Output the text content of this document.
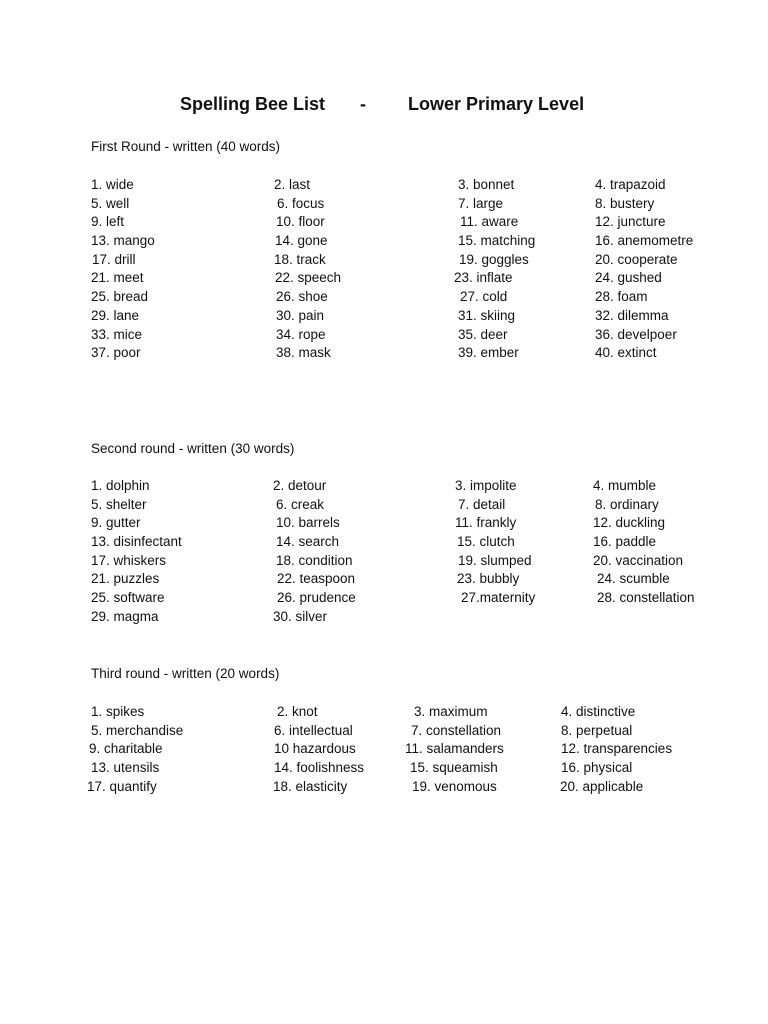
Spelling Bee List - Lower Primary Level
First Round - written (40 words)
1. wide	2. last	3. bonnet	4. trapazoid
5. well	6. focus	7. large	8. bustery
9. left	10. floor	11. aware	12. juncture
13. mango	14. gone	15. matching	16. anemometre
17. drill	18. track	19. goggles	20. cooperate
21. meet	22. speech	23. inflate	24. gushed
25. bread	26. shoe	27. cold	28. foam
29. lane	30. pain	31. skiing	32. dilemma
33. mice	34. rope	35. deer	36. develpoer
37. poor	38. mask	39. ember	40. extinct
Second round - written (30 words)
1. dolphin	2. detour	3. impolite	4. mumble
5. shelter	6. creak	7. detail	8. ordinary
9. gutter	10. barrels	11. frankly	12. duckling
13. disinfectant	14. search	15. clutch	16. paddle
17. whiskers	18. condition	19. slumped	20. vaccination
21. puzzles	22. teaspoon	23. bubbly	24. scumble
25. software	26. prudence	27.maternity	28. constellation
29. magma	30. silver
Third round - written (20 words)
1. spikes	2. knot	3. maximum	4. distinctive
5. merchandise	6. intellectual	7. constellation	8. perpetual
9. charitable	10 hazardous	11. salamanders	12. transparencies
13. utensils	14. foolishness	15. squeamish	16. physical
17. quantify	18. elasticity	19. venomous	20. applicable
